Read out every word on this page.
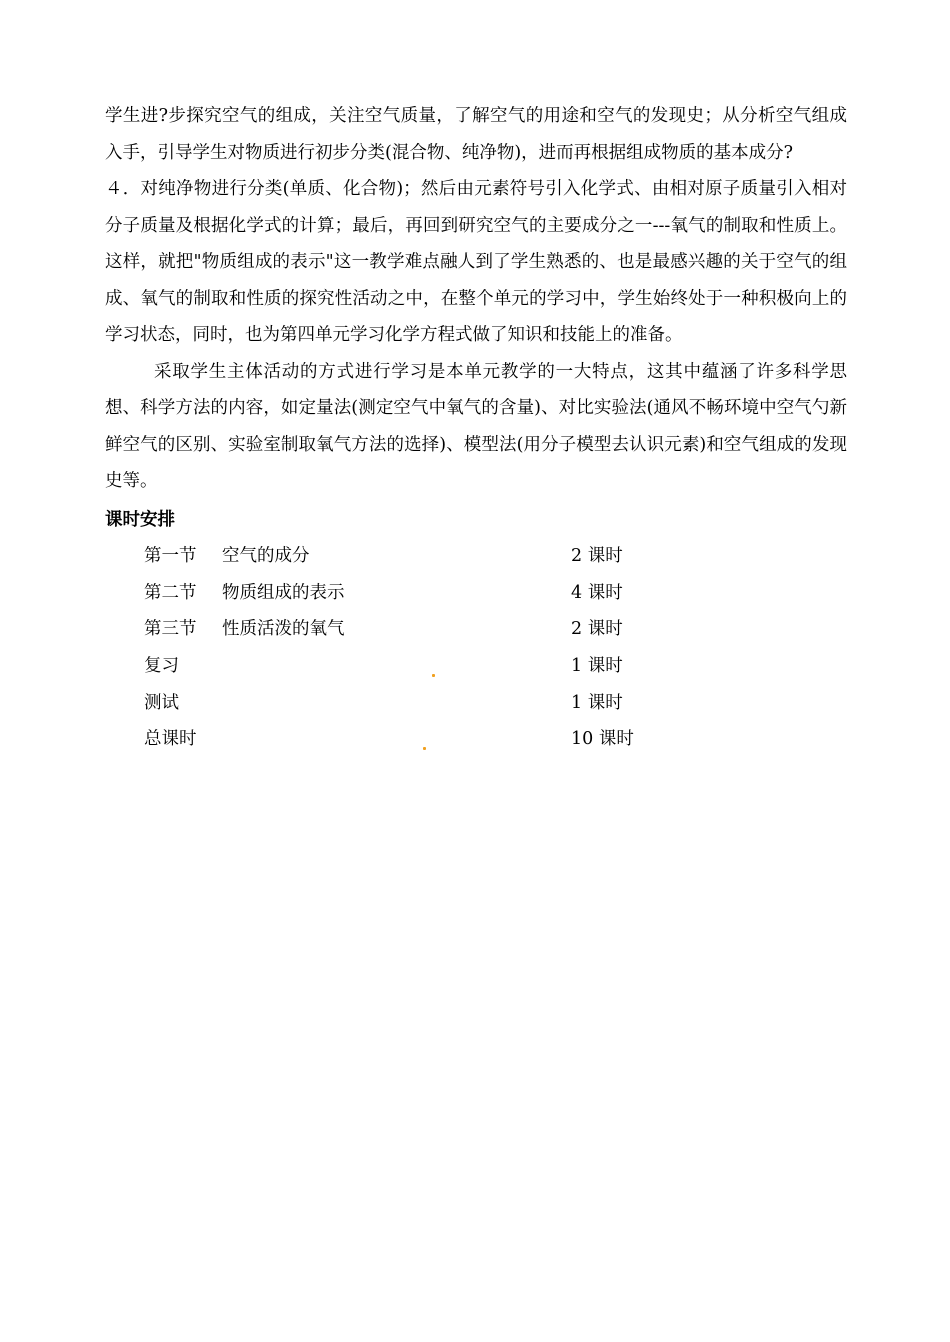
学生进?步探究空气的组成，关注空气质量，了解空气的用途和空气的发现史；从分析空气组成入手，引导学生对物质进行初步分类(混合物、纯净物)，进而再根据组成物质的基本成分?

４．对纯净物进行分类(单质、化合物)；然后由元素符号引入化学式、由相对原子质量引入相对分子质量及根据化学式的计算；最后，再回到研究空气的主要成分之一---氧气的制取和性质上。这样，就把"物质组成的表示"这一教学难点融人到了学生熟悉的、也是最感兴趣的关于空气的组成、氧气的制取和性质的探究性活动之中，在整个单元的学习中，学生始终处于一种积极向上的学习状态，同时，也为第四单元学习化学方程式做了知识和技能上的准备。

采取学生主体活动的方式进行学习是本单元教学的一大特点，这其中蕴涵了许多科学思想、科学方法的内容，如定量法(测定空气中氧气的含量)、对比实验法(通风不畅环境中空气勺新鲜空气的区别、实验室制取氧气方法的选择)、模型法(用分子模型去认识元素)和空气组成的发现史等。

课时安排
第一节 空气的成分	2 课时
第二节 物质组成的表示	4 课时
第三节 性质活泼的氧气	2 课时
复习	1 课时
测试	1 课时
总课时	10 课时
